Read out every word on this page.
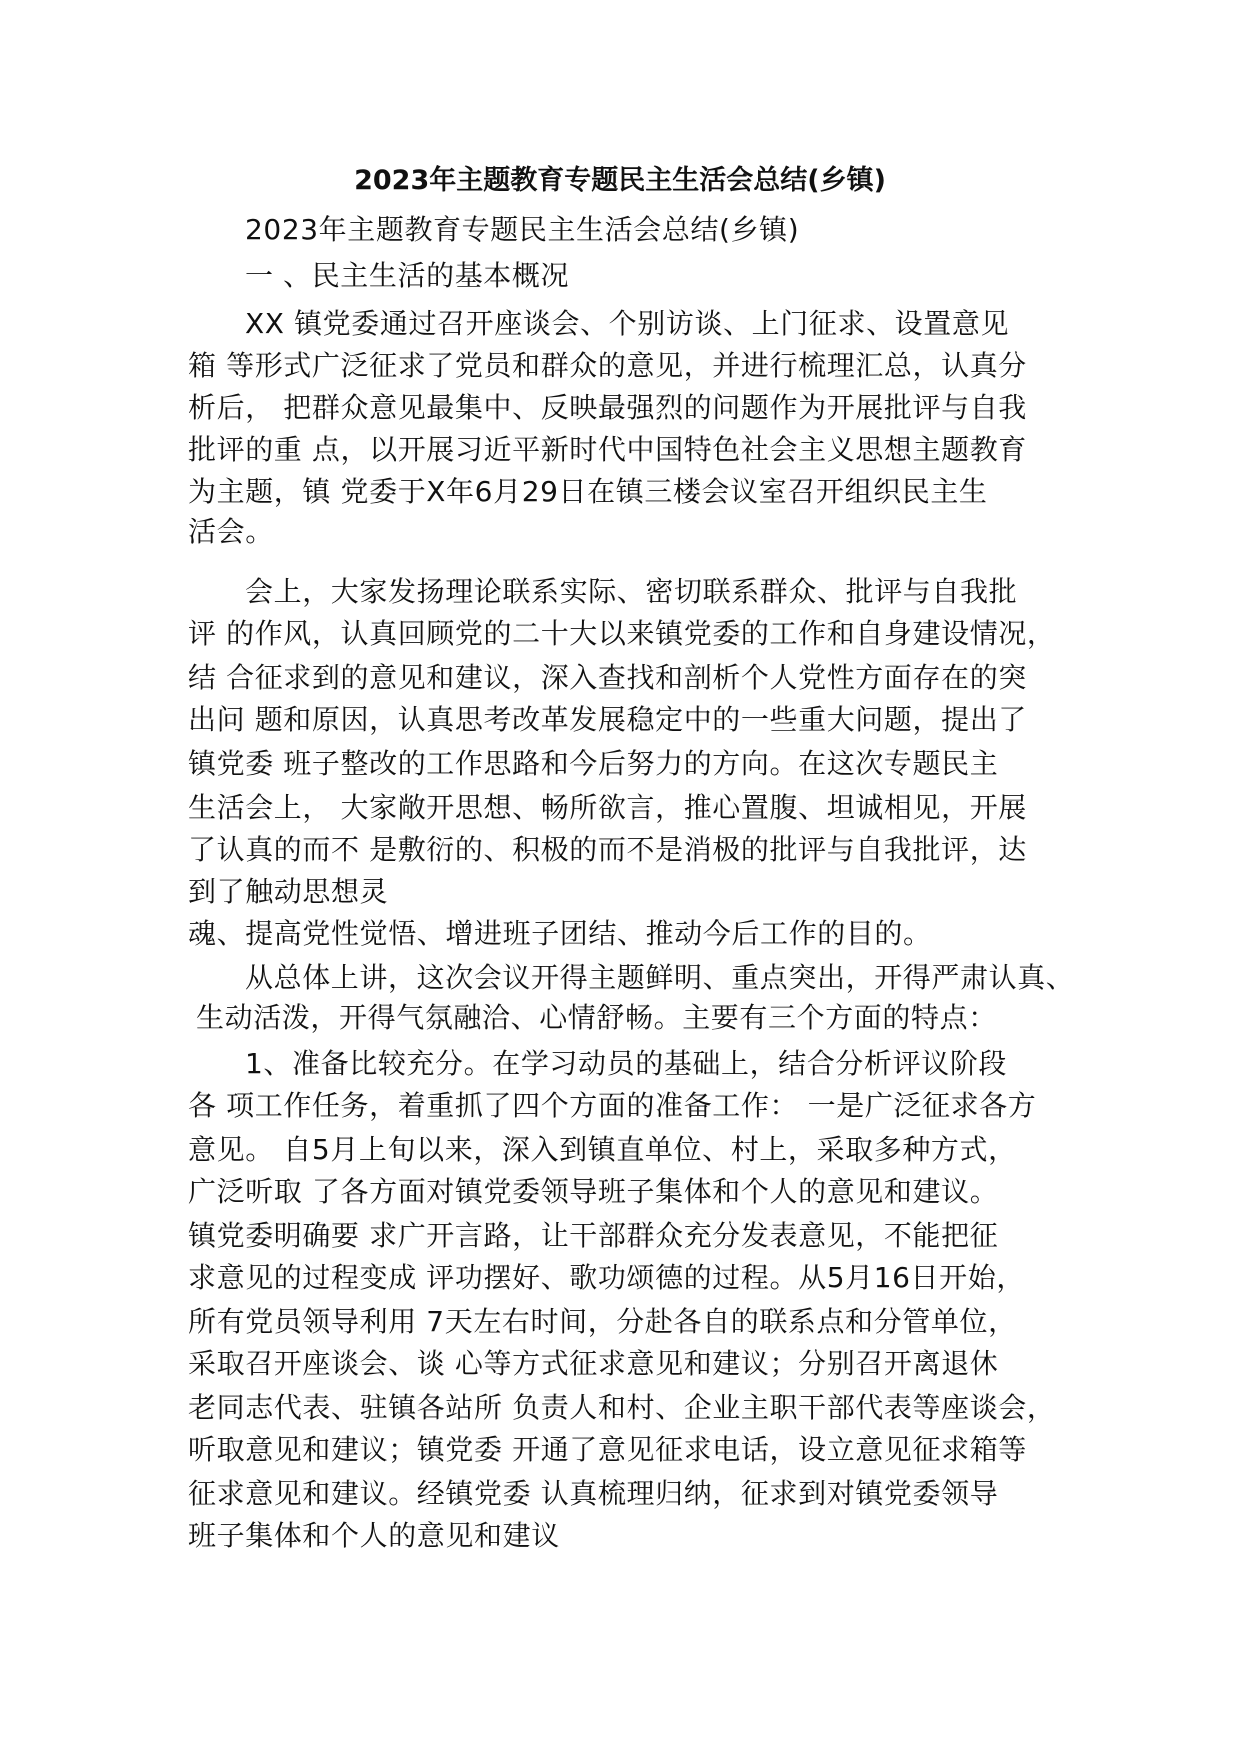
2023年主题教育专题民主生活会总结(乡镇)
2023年主题教育专题民主生活会总结(乡镇)
一 、民主生活的基本概况
XX 镇党委通过召开座谈会、个别访谈、上门征求、设置意见
箱 等形式广泛征求了党员和群众的意见，并进行梳理汇总，认真分
析后， 把群众意见最集中、反映最强烈的问题作为开展批评与自我
批评的重 点，以开展习近平新时代中国特色社会主义思想主题教育
为主题，镇 党委于X年6月29日在镇三楼会议室召开组织民主生
活会。
会上，大家发扬理论联系实际、密切联系群众、批评与自我批
评 的作风，认真回顾党的二十大以来镇党委的工作和自身建设情况，
结 合征求到的意见和建议，深入查找和剖析个人党性方面存在的突
出问 题和原因，认真思考改革发展稳定中的一些重大问题，提出了
镇党委 班子整改的工作思路和今后努力的方向。在这次专题民主
生活会上， 大家敞开思想、畅所欲言，推心置腹、坦诚相见，开展
了认真的而不 是敷衍的、积极的而不是消极的批评与自我批评，达
到了触动思想灵
魂、提高党性觉悟、增进班子团结、推动今后工作的目的。
从总体上讲，这次会议开得主题鲜明、重点突出，开得严肃认真、
生动活泼，开得气氛融洽、心情舒畅。主要有三个方面的特点：
1、准备比较充分。在学习动员的基础上，结合分析评议阶段
各 项工作任务，着重抓了四个方面的准备工作： 一是广泛征求各方
意见。 自5月上旬以来，深入到镇直单位、村上，采取多种方式，
广泛听取 了各方面对镇党委领导班子集体和个人的意见和建议。
镇党委明确要 求广开言路，让干部群众充分发表意见，不能把征
求意见的过程变成 评功摆好、歌功颂德的过程。从5月16日开始，
所有党员领导利用 7天左右时间，分赴各自的联系点和分管单位，
采取召开座谈会、谈 心等方式征求意见和建议；分别召开离退休
老同志代表、驻镇各站所 负责人和村、企业主职干部代表等座谈会，
听取意见和建议；镇党委 开通了意见征求电话，设立意见征求箱等
征求意见和建议。经镇党委 认真梳理归纳，征求到对镇党委领导
班子集体和个人的意见和建议
